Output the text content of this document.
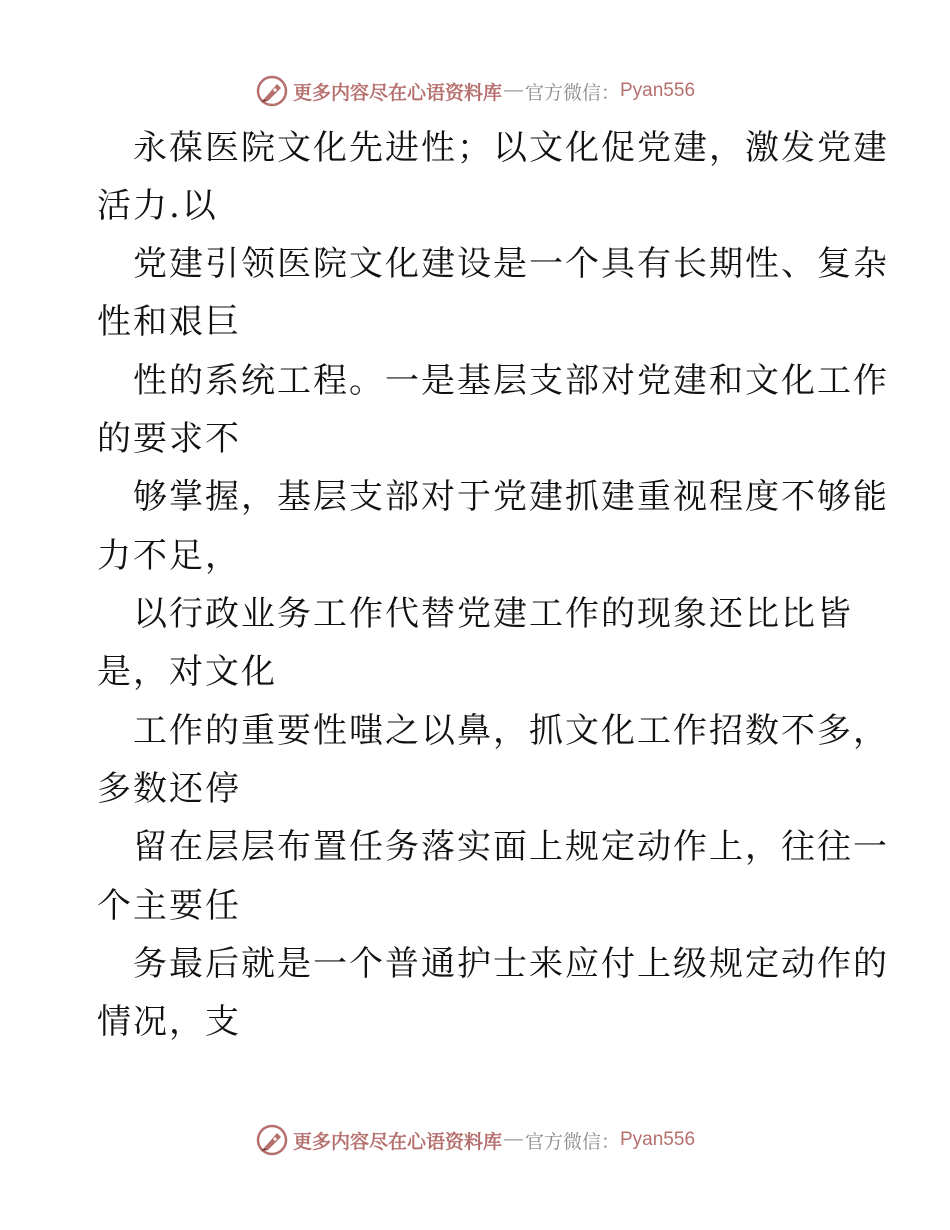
更多内容尽在心语资料库 — 官方微信： Pyan556
永葆医院文化先进性；以文化促党建，激发党建
活力.以
党建引领医院文化建设是一个具有长期性、复杂
性和艰巨
性的系统工程。一是基层支部对党建和文化工作
的要求不
够掌握，基层支部对于党建抓建重视程度不够能
力不足，
以行政业务工作代替党建工作的现象还比比皆
是，对文化
工作的重要性嗤之以鼻，抓文化工作招数不多，
多数还停
留在层层布置任务落实面上规定动作上，往往一
个主要任
务最后就是一个普通护士来应付上级规定动作的
情况，支
更多内容尽在心语资料库 — 官方微信： Pyan556
